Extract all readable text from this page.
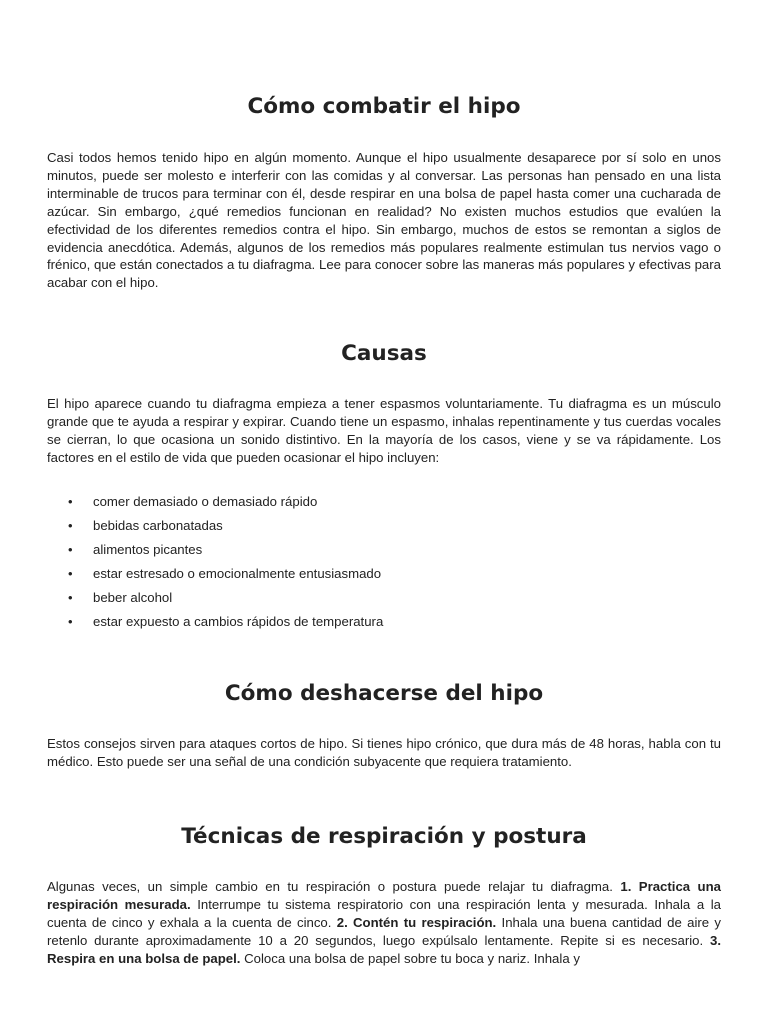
Cómo combatir el hipo

Casi todos hemos tenido hipo en algún momento. Aunque el hipo usualmente desaparece por sí solo en unos minutos, puede ser molesto e interferir con las comidas y al conversar. Las personas han pensado en una lista interminable de trucos para terminar con él, desde respirar en una bolsa de papel hasta comer una cucharada de azúcar. Sin embargo, ¿qué remedios funcionan en realidad? No existen muchos estudios que evalúen la efectividad de los diferentes remedios contra el hipo. Sin embargo, muchos de estos se remontan a siglos de evidencia anecdótica. Además, algunos de los remedios más populares realmente estimulan tus nervios vago o frénico, que están conectados a tu diafragma. Lee para conocer sobre las maneras más populares y efectivas para acabar con el hipo.

Causas

El hipo aparece cuando tu diafragma empieza a tener espasmos voluntariamente. Tu diafragma es un músculo grande que te ayuda a respirar y expirar. Cuando tiene un espasmo, inhalas repentinamente y tus cuerdas vocales se cierran, lo que ocasiona un sonido distintivo. En la mayoría de los casos, viene y se va rápidamente. Los factores en el estilo de vida que pueden ocasionar el hipo incluyen:

• comer demasiado o demasiado rápido
• bebidas carbonatadas
• alimentos picantes
• estar estresado o emocionalmente entusiasmado
• beber alcohol
• estar expuesto a cambios rápidos de temperatura
Cómo deshacerse del hipo

Estos consejos sirven para ataques cortos de hipo. Si tienes hipo crónico, que dura más de 48 horas, habla con tu médico. Esto puede ser una señal de una condición subyacente que requiera tratamiento.

Técnicas de respiración y postura

Algunas veces, un simple cambio en tu respiración o postura puede relajar tu diafragma. 1. Practica una respiración mesurada. Interrumpe tu sistema respiratorio con una respiración lenta y mesurada. Inhala a la cuenta de cinco y exhala a la cuenta de cinco. 2. Contén tu respiración. Inhala una buena cantidad de aire y retenlo durante aproximadamente 10 a 20 segundos, luego expúlsalo lentamente. Repite si es necesario. 3. Respira en una bolsa de papel. Coloca una bolsa de papel sobre tu boca y nariz. Inhala y
